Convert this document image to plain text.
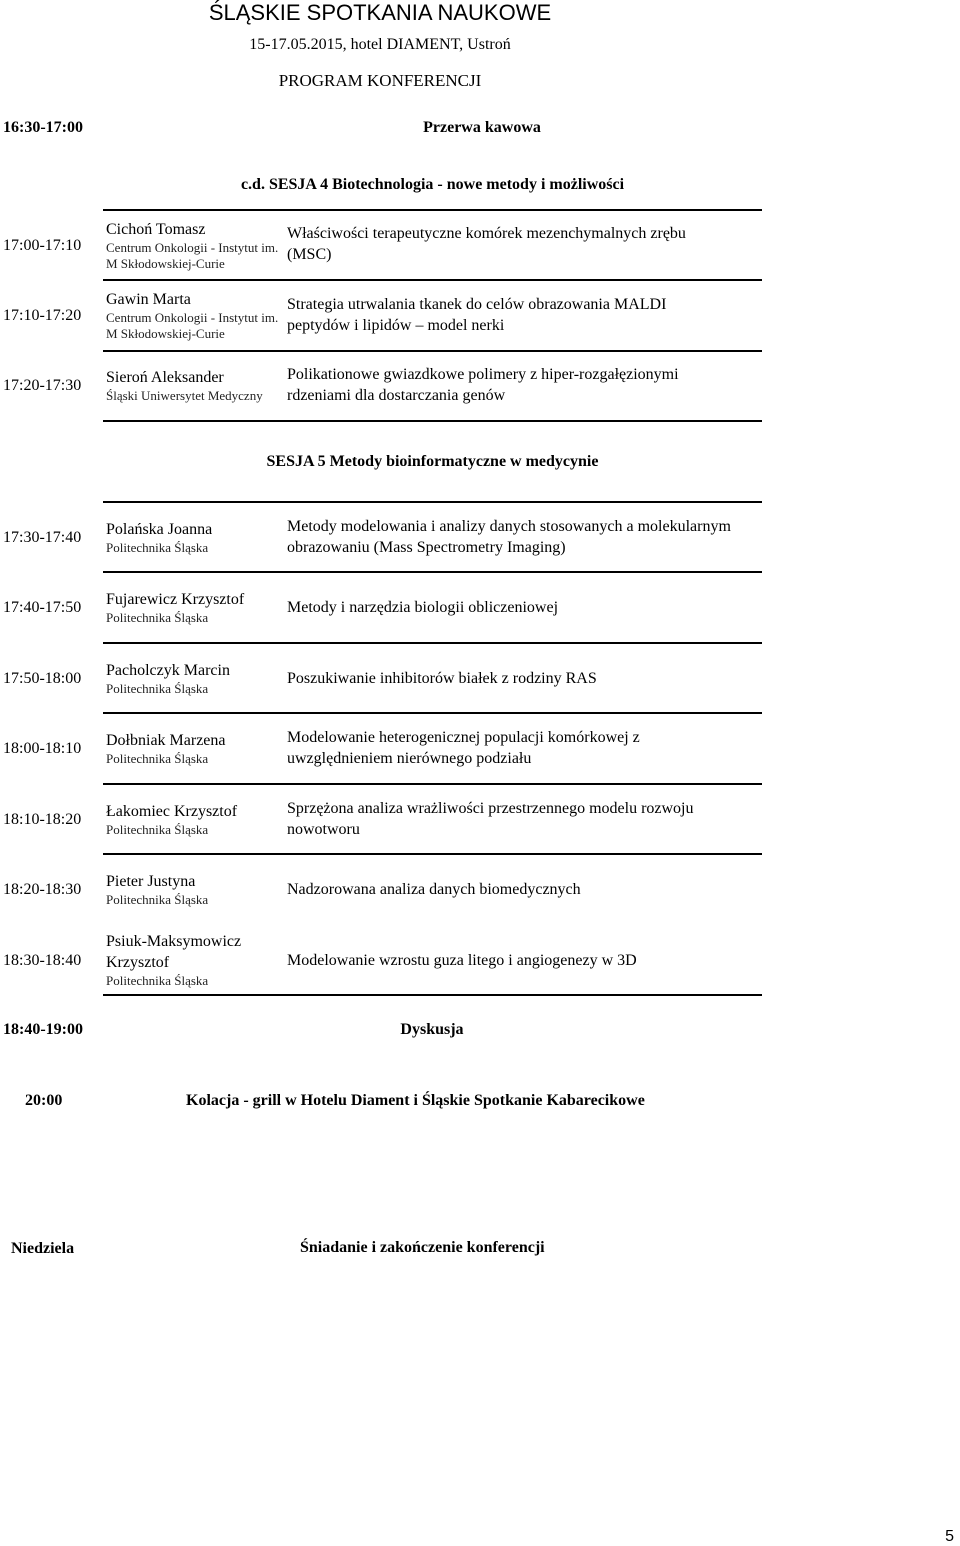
ŚLĄSKIE SPOTKANIA NAUKOWE
15-17.05.2015, hotel DIAMENT, Ustroń
PROGRAM KONFERENCJI
16:30-17:00	Przerwa kawowa
c.d. SESJA 4 Biotechnologia - nowe metody i możliwości
17:00-17:10
Cichoń Tomasz
Centrum Onkologii - Instytut im.
M Skłodowskiej-Curie
Właściwości terapeutyczne komórek mezenchymalnych zrębu
(MSC)
17:10-17:20
Gawin Marta
Centrum Onkologii - Instytut im.
M Skłodowskiej-Curie
Strategia utrwalania tkanek do celów obrazowania MALDI
peptydów i lipidów ‒ model nerki
17:20-17:30	Sieroń Aleksander
Śląski Uniwersytet Medyczny
Polikationowe gwiazdkowe polimery z hiper-rozgałęzionymi
rdzeniami dla dostarczania genów
SESJA 5 Metody bioinformatyczne w medycynie
17:30-17:40	Polańska Joanna
Politechnika Śląska
Metody modelowania i analizy danych stosowanych a molekularnym
obrazowaniu (Mass Spectrometry Imaging)
17:40-17:50	Fujarewicz Krzysztof
Politechnika Śląska
Metody i narzędzia biologii obliczeniowej
17:50-18:00	Pacholczyk Marcin
Politechnika Śląska
Poszukiwanie inhibitorów białek z rodziny RAS
18:00-18:10	Dołbniak Marzena
Politechnika Śląska
Modelowanie heterogenicznej populacji komórkowej z
uwzględnieniem nierównego podziału
18:10-18:20	Łakomiec Krzysztof
Politechnika Śląska
Sprzężona analiza wrażliwości przestrzennego modelu rozwoju
nowotworu
18:20-18:30	Pieter Justyna
Politechnika Śląska
Nadzorowana analiza danych biomedycznych
18:30-18:40
Psiuk-Maksymowicz
Krzysztof
Politechnika Śląska
Modelowanie wzrostu guza litego i angiogenezy w 3D
18:40-19:00	Dyskusja
20:00	Kolacja - grill w Hotelu Diament i Śląskie Spotkanie Kabarecikowe
Niedziela	Śniadanie i zakończenie konferencji
5
